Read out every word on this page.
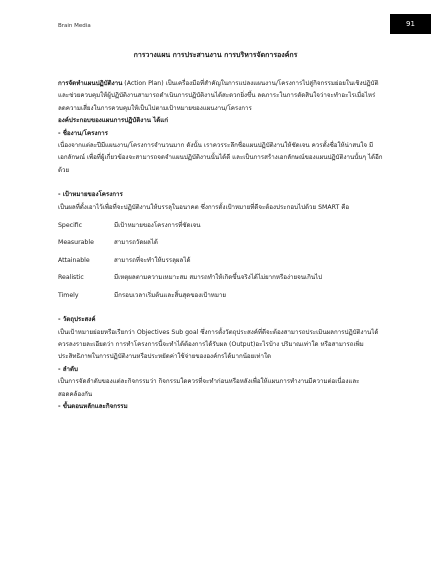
Brain Media	91
การวางแผน การประสานงาน การบริหารจัดการองค์กร

การจัดทำแผนปฏิบัติงาน (Action Plan) เป็นเครื่องมือที่สำคัญในการแปลงแผนงาน/โครงการไปสู่กิจกรรมย่อยในเชิงปฏิบัติ และช่วยควบคุมให้ผู้ปฏิบัติงานสามารถดำเนินการปฏิบัติงานได้สะดวกยิ่งขึ้น ลดภาระในการตัดสินใจว่าจะทำอะไรเมื่อไหร่ ลดความเสี่ยงในการควบคุมให้เป็นไปตามเป้าหมายของแผนงาน/โครงการ

องค์ประกอบของแผนการปฏิบัติงาน ได้แก่

- ชื่องาน/โครงการ

เนื่องจากแต่ละปีมีแผนงาน/โครงการจำนวนมาก ดังนั้น เราควรระลึกชื่อแผนปฏิบัติงานให้ชัดเจน ควรตั้งชื่อให้น่าสนใจ มีเอกลักษณ์ เพื่อที่ผู้เกี่ยวข้องจะสามารถจดจำแผนปฏิบัติงานนั้นได้ดี และเป็นการสร้างเอกลักษณ์ของแผนปฏิบัติงานนั้นๆ ได้อีกด้วย

- เป้าหมายของโครงการ

เป็นผลที่ตั้งเอาไว้เพื่อที่จะปฏิบัติงานให้บรรลุในอนาคต ซึ่งการตั้งเป้าหมายที่ดีจะต้องประกอบไปด้วย SMART คือ

Specific	มีเป้าหมายของโครงการที่ชัดเจน
Measurable	สามารถวัดผลได้
Attainable	สามารถที่จะทำให้บรรลุผลได้
Realistic	มีเหตุผลตามความเหมาะสม สมารถทำให้เกิดขึ้นจริงได้ไม่ยากหรือง่ายจนเกินไป
Timely	มีกรอบเวลาเริ่มต้นและสิ้นสุดของเป้าหมาย

- วัตถุประสงค์

เป็นเป้าหมายย่อยหรือเรียกว่า Objectives Sub goal ซึ่งการตั้งวัตถุประสงค์ที่ดีจะต้องสามารถประเมินผลการปฏิบัติงานได้ ควรลงรายละเอียดว่า การทำโครงการนี้จะทำได้ต้องการได้รับผล (Output)อะไรบ้าง ปริมาณเท่าใด หรือสามารถเพิ่มประสิทธิภาพในการปฏิบัติงานหรือประหยัดค่าใช้จ่ายขององค์กรได้มากน้อยเท่าใด

- ลำดับ

เป็นการจัดลำดับของแต่ละกิจกรรมว่า กิจกรรมใดควรที่จะทำก่อนหรือหลังเพื่อให้แผนการทำงานมีความต่อเนื่องและสอดคล้องกัน

- ขั้นตอนหลักและกิจกรรม
